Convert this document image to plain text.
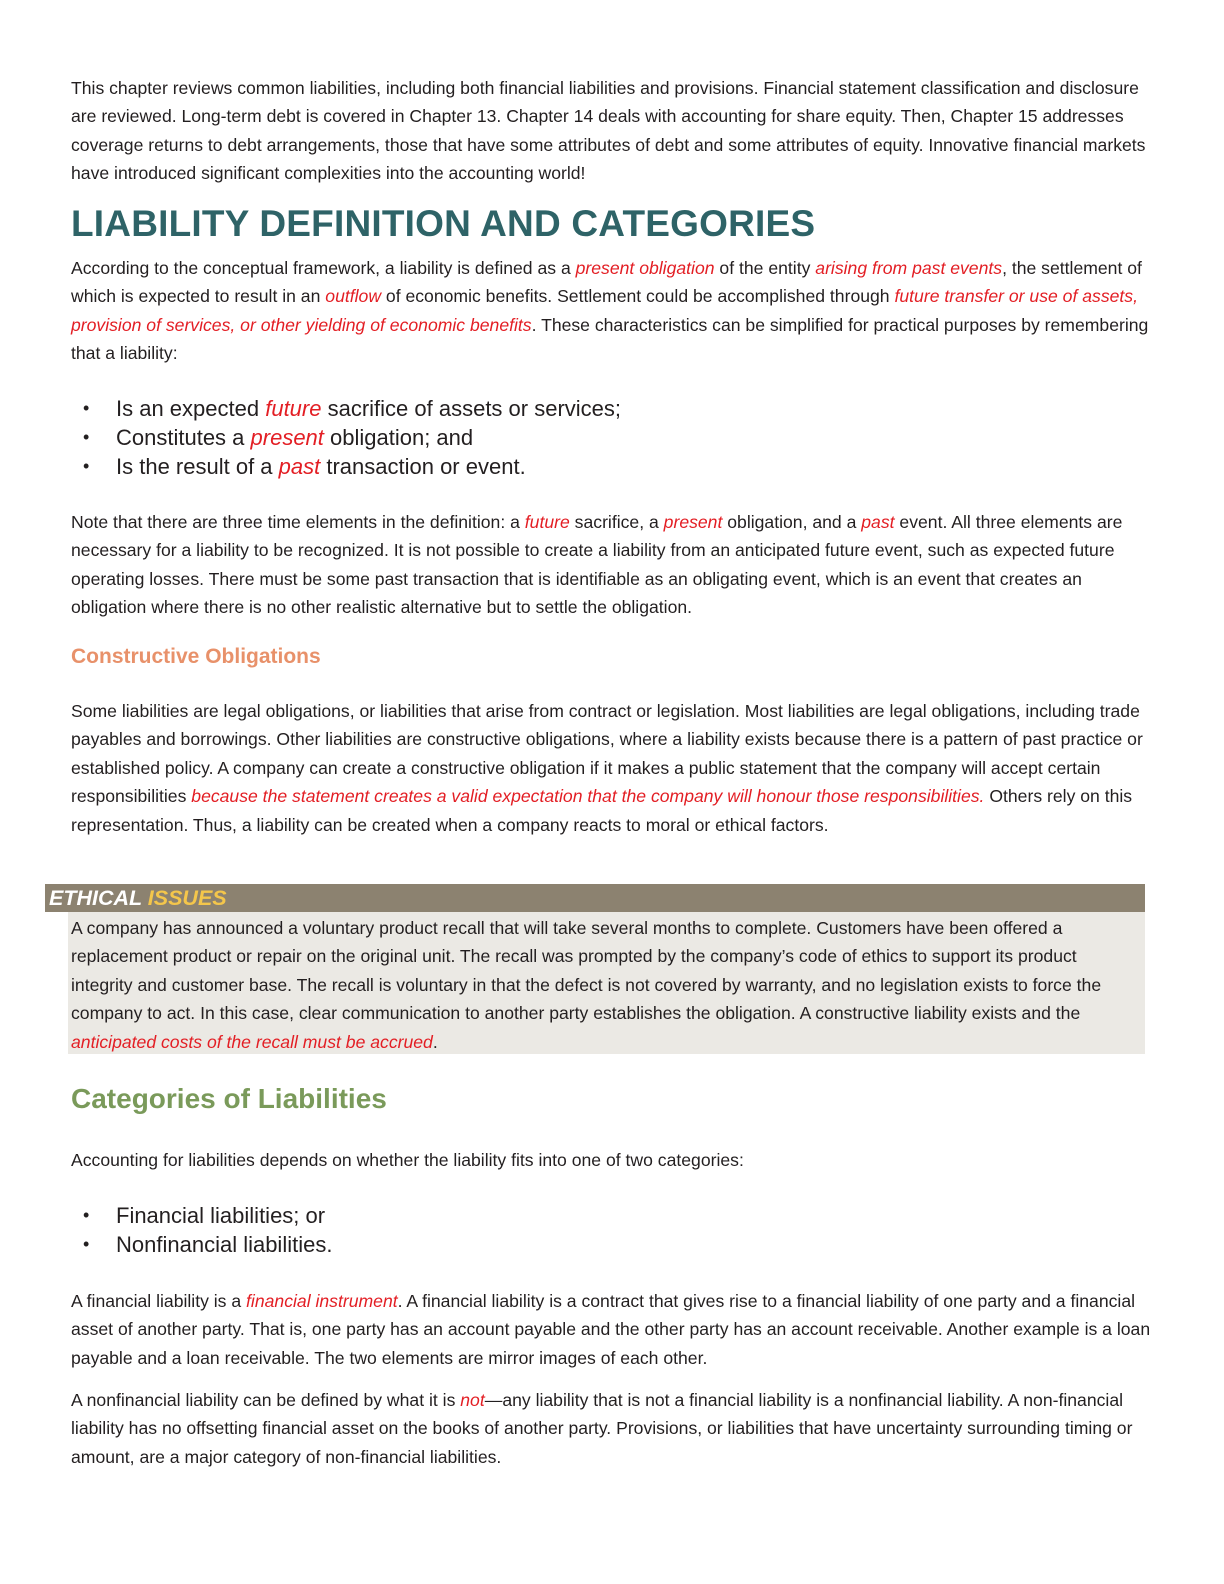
This chapter reviews common liabilities, including both financial liabilities and provisions. Financial statement classification and disclosure are reviewed. Long-term debt is covered in Chapter 13. Chapter 14 deals with accounting for share equity. Then, Chapter 15 addresses coverage returns to debt arrangements, those that have some attributes of debt and some attributes of equity. Innovative financial markets have introduced significant complexities into the accounting world!

LIABILITY DEFINITION AND CATEGORIES

According to the conceptual framework, a liability is defined as a present obligation of the entity arising from past events, the settlement of which is expected to result in an outflow of economic benefits. Settlement could be accomplished through future transfer or use of assets, provision of services, or other yielding of economic benefits. These characteristics can be simplified for practical purposes by remembering that a liability:

• Is an expected future sacrifice of assets or services;
• Constitutes a present obligation; and
• Is the result of a past transaction or event.

Note that there are three time elements in the definition: a future sacrifice, a present obligation, and a past event. All three elements are necessary for a liability to be recognized. It is not possible to create a liability from an anticipated future event, such as expected future operating losses. There must be some past transaction that is identifiable as an obligating event, which is an event that creates an obligation where there is no other realistic alternative but to settle the obligation.

Constructive Obligations

Some liabilities are legal obligations, or liabilities that arise from contract or legislation. Most liabilities are legal obligations, including trade payables and borrowings. Other liabilities are constructive obligations, where a liability exists because there is a pattern of past practice or established policy. A company can create a constructive obligation if it makes a public statement that the company will accept certain responsibilities because the statement creates a valid expectation that the company will honour those responsibilities. Others rely on this representation. Thus, a liability can be created when a company reacts to moral or ethical factors.

ETHICAL ISSUES

A company has announced a voluntary product recall that will take several months to complete. Customers have been offered a replacement product or repair on the original unit. The recall was prompted by the company’s code of ethics to support its product integrity and customer base. The recall is voluntary in that the defect is not covered by warranty, and no legislation exists to force the company to act. In this case, clear communication to another party establishes the obligation. A constructive liability exists and the anticipated costs of the recall must be accrued.

Categories of Liabilities

Accounting for liabilities depends on whether the liability fits into one of two categories:

• Financial liabilities; or
• Nonfinancial liabilities.

A financial liability is a financial instrument. A financial liability is a contract that gives rise to a financial liability of one party and a financial asset of another party. That is, one party has an account payable and the other party has an account receivable. Another example is a loan payable and a loan receivable. The two elements are mirror images of each other.

A nonfinancial liability can be defined by what it is not—any liability that is not a financial liability is a nonfinancial liability. A non-financial liability has no offsetting financial asset on the books of another party. Provisions, or liabilities that have uncertainty surrounding timing or amount, are a major category of non-financial liabilities.
